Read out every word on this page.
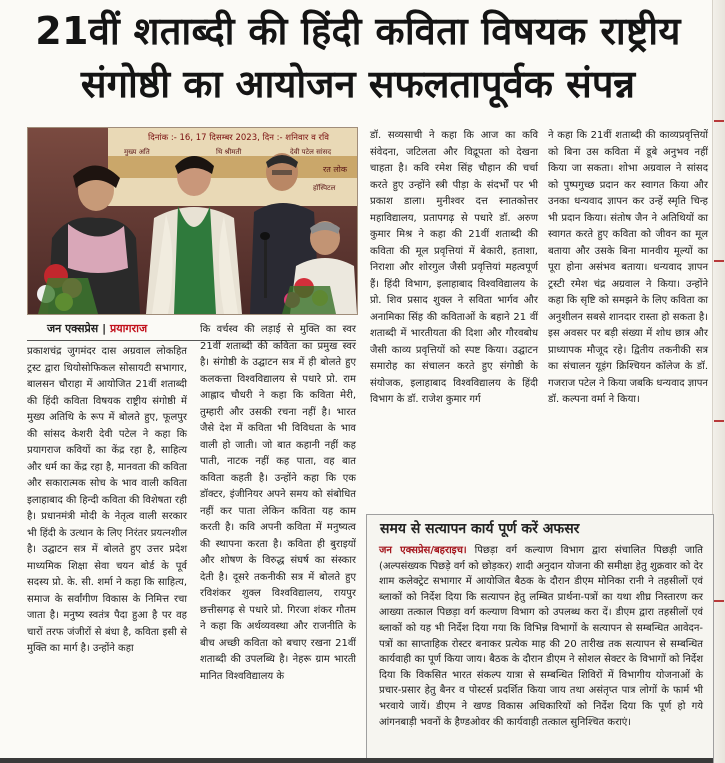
21वीं शताब्दी की हिंदी कविता विषयक राष्ट्रीय
संगोष्ठी का आयोजन सफलतापूर्वक संपन्न
दिनांक :- 16, 17 दिसम्बर 2023, दिन :- शनिवार व रवि
मुख्य अति	थि श्रीमती	देवी पटेल सांसद
हॉस्पिटल
रत लोक
जन एक्सप्रेस | प्रयागराज
प्रकाशचंद्र जुगमंदर दास अग्रवाल लोकहित ट्रस्ट द्वारा थियोसोफिकल सोसायटी सभागार, बालसन चौराहा में आयोजित 21वीं शताब्दी की हिंदी कविता विषयक राष्ट्रीय संगोष्ठी में मुख्य अतिथि के रूप में बोलते हुए, फूलपुर की सांसद केशरी देवी पटेल ने कहा कि प्रयागराज कवियों का केंद्र रहा है, साहित्य और धर्म का केंद्र रहा है, मानवता की कविता और सकारात्मक सोच के भाव वाली कविता इलाहाबाद की हिन्दी कविता की विशेषता रही है। प्रधानमंत्री मोदी के नेतृत्व वाली सरकार भी हिंदी के उत्थान के लिए निरंतर प्रयत्नशील है। उद्घाटन सत्र में बोलते हुए उत्तर प्रदेश माध्यमिक शिक्षा सेवा चयन बोर्ड के पूर्व सदस्य प्रो. के. सी. शर्मा ने कहा कि साहित्य, समाज के सर्वांगीण विकास के निमित्त रचा जाता है। मनुष्य स्वतंत्र पैदा हुआ है पर वह चारों तरफ जंजीरों से बंधा है, कविता इसी से मुक्ति का मार्ग है। उन्होंने कहा
कि वर्चस्व की लड़ाई से मुक्ति का स्वर 21वीं शताब्दी की कविता का प्रमुख स्वर है। संगोष्ठी के उद्घाटन सत्र में ही बोलते हुए कलकत्ता विश्वविद्यालय से पधारे प्रो. राम आह्लाद चौधरी ने कहा कि कविता मेरी, तुम्हारी और उसकी रचना नहीं है। भारत जैसे देश में कविता भी विविधता के भाव वाली हो जाती। जो बात कहानी नहीं कह पाती, नाटक नहीं कह पाता, वह बात कविता कहती है। उन्होंने कहा कि एक डॉक्टर, इंजीनियर अपने समय को संबोधित नहीं कर पाता लेकिन कविता यह काम करती है। कवि अपनी कविता में मनुष्यत्व की स्थापना करता है। कविता ही बुराइयों और शोषण के विरुद्ध संघर्ष का संस्कार देती है। दूसरे तकनीकी सत्र में बोलते हुए रविशंकर शुक्ल विश्वविद्यालय, रायपुर छत्तीसगढ़ से पधारे प्रो. गिरजा शंकर गौतम ने कहा कि अर्थव्यवस्था और राजनीति के बीच अच्छी कविता को बचाए रखना 21वीं शताब्दी की उपलब्धि है। नेहरू ग्राम भारती मानित विश्वविद्यालय के
डॉ. सव्यसाची ने कहा कि आज का कवि संवेदना, जटिलता और विद्रूपता को देखना चाहता है। कवि रमेश सिंह चौहान की चर्चा करते हुए उन्होंने स्त्री पीड़ा के संदर्भों पर भी प्रकाश डाला। मुनीश्वर दत्त स्नातकोत्तर महाविद्यालय, प्रतापगढ़ से पधारे डॉ. अरुण कुमार मिश्र ने कहा की 21वीं शताब्दी की कविता की मूल प्रवृत्तियां में बेकारी, हताशा, निराशा और शोरगुल जैसी प्रवृत्तियां महत्वपूर्ण हैं। हिंदी विभाग, इलाहाबाद विश्वविद्यालय के प्रो. शिव प्रसाद शुक्ल ने सविता भार्गव और अनामिका सिंह की कविताओं के बहाने 21 वीं शताब्दी में भारतीयता की दिशा और गौरवबोध जैसी काव्य प्रवृत्तियों को स्पष्ट किया। उद्घाटन समारोह का संचालन करते हुए संगोष्ठी के संयोजक, इलाहाबाद विश्वविद्यालय के हिंदी विभाग के डॉ. राजेश कुमार गर्ग
ने कहा कि 21वीं शताब्दी की काव्यप्रवृत्तियों को बिना उस कविता में डूबे अनुभव नहीं किया जा सकता। शोभा अग्रवाल ने सांसद को पुष्पगुच्छ प्रदान कर स्वागत किया और उनका धन्यवाद ज्ञापन कर उन्हें स्मृति चिन्ह भी प्रदान किया। संतोष जैन ने अतिथियों का स्वागत करते हुए कविता को जीवन का मूल बताया और उसके बिना मानवीय मूल्यों का पूरा होना असंभव बताया। धन्यवाद ज्ञापन ट्रस्टी रमेश चंद्र अग्रवाल ने किया। उन्होंने कहा कि सृष्टि को समझने के लिए कविता का अनुशीलन सबसे शानदार रास्ता हो सकता है। इस अवसर पर बड़ी संख्या में शोध छात्र और प्राध्यापक मौजूद रहे। द्वितीय तकनीकी सत्र का संचालन यूइंग क्रिश्चियन कॉलेज के डॉ. गजराज पटेल ने किया जबकि धन्यवाद ज्ञापन डॉ. कल्पना वर्मा ने किया।
समय से सत्यापन कार्य पूर्ण करें अफसर
जन एक्सप्रेस/बहराइच। पिछड़ा वर्ग कल्याण विभाग द्वारा संचालित पिछड़ी जाति (अल्पसंख्यक पिछड़े वर्ग को छोड़कर) शादी अनुदान योजना की समीक्षा हेतु शुक्रवार को देर शाम कलेक्ट्रेट सभागार में आयोजित बैठक के दौरान डीएम मोनिका रानी ने तहसीलों एवं ब्लाकों को निर्देश दिया कि सत्यापन हेतु लम्बित प्रार्थना-पत्रों का यथा शीघ्र निस्तारण कर आख्या तत्काल पिछड़ा वर्ग कल्याण विभाग को उपलब्ध करा दें। डीएम द्वारा तहसीलों एवं ब्लाकों को यह भी निर्देश दिया गया कि विभिन्न विभागों के सत्यापन से सम्बन्धित आवेदन-पत्रों का साप्ताहिक रोस्टर बनाकर प्रत्येक माह की 20 तारीख तक सत्यापन से सम्बन्धित कार्यवाही का पूर्ण किया जाय। बैठक के दौरान डीएम ने सोशल सेक्टर के विभागों को निर्देश दिया कि विकसित भारत संकल्प यात्रा से सम्बन्धित शिविरों में विभागीय योजनाओं के प्रचार-प्रसार हेतु बैनर व पोस्टर्स प्रदर्शित किया जाय तथा असंतृप्त पात्र लोगों के फार्म भी भरवाये जायें। डीएम ने खण्ड विकास अधिकारियों को निर्देश दिया कि पूर्ण हो गये आंगनबाड़ी भवनों के हैण्डओवर की कार्यवाही तत्काल सुनिश्चित कराएं।
